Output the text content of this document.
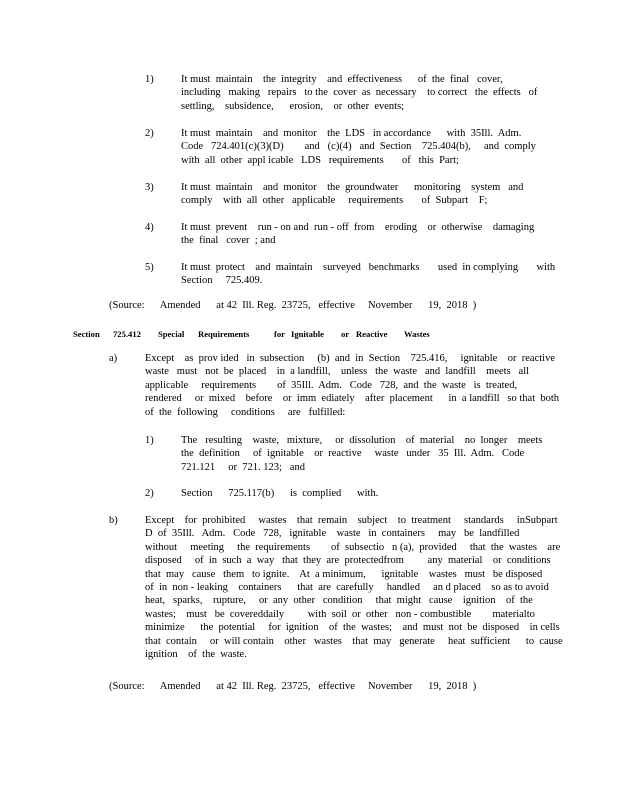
1)	It must  maintain    the  integrity    and  effectiveness      of  the  final   cover,
including   making   repairs   to the  cover  as  necessary    to correct   the  effects   of
settling,    subsidence,      erosion,    or  other  events;
2)	It must  maintain    and  monitor    the  LDS   in accordance      with  35Ill.  Adm.
Code   724.401(c)(3)(D)        and   (c)(4)   and  Section    725.404(b),     and  comply
with  all  other  appl icable   LDS   requirements       of   this  Part;
3)	It must  maintain    and  monitor    the  groundwater      monitoring    system   and
comply    with  all  other   applicable     requirements       of  Subpart    F;
4)	It must  prevent    run - on and  run - off  from    eroding    or  otherwise    damaging
the  final   cover  ; and
5)	It must  protect    and  maintain    surveyed   benchmarks       used  in complying       with
Section     725.409.
(Source:      Amended      at 42  Ill. Reg.  23725,   effective     November      19,  2018  )
Section 725.412 Special Requirements	for Ignitable or Reactive Wastes
a)	Except    as  prov ided   in  subsection     (b)  and  in  Section    725.416,     ignitable    or  reactive
waste   must   not  be  placed    in  a landfill,    unless   the  waste   and  landfill    meets   all
applicable     requirements        of  35Ill.  Adm.   Code   728,  and  the  waste   is  treated,
rendered     or  mixed    before    or  imm  ediately    after  placement      in  a landfill   so that  both
of  the  following     conditions     are   fulfilled:
1)	The   resulting    waste,   mixture,     or  dissolution    of  material    no  longer    meets
the  definition     of  ignitable    or  reactive     waste   under   35  Ill.  Adm.   Code
721.121     or  721. 123;   and
2)	Section      725.117(b)      is  complied      with.
b)	Except    for  prohibited     wastes    that  remain    subject    to  treatment     standards     inSubpart
D  of  35Ill.   Adm.   Code   728,   ignitable    waste   in  containers     may   be  landfilled
without     meeting     the  requirements        of  subsectio   n (a),  provided     that  the  wastes    are
disposed     of  in  such  a  way   that  they  are  protectedfrom         any  material    or  conditions
that  may   cause   them   to ignite.    At  a minimum,      ignitable    wastes   must   be disposed
of  in  non - leaking    containers      that  are  carefully     handled     an d placed    so as to avoid
heat,   sparks,    rupture,     or  any  other   condition     that  might   cause    ignition    of  the
wastes;    must   be  covereddaily         with  soil  or  other   non - combustible        materialto
minimize      the  potential     for  ignition    of  the  wastes;    and  must  not  be  disposed    in cells
that  contain     or  will contain    other   wastes    that  may   generate     heat  sufficient      to  cause
ignition    of  the  waste.
(Source:      Amended      at 42  Ill. Reg.  23725,   effective     November      19,  2018  )
